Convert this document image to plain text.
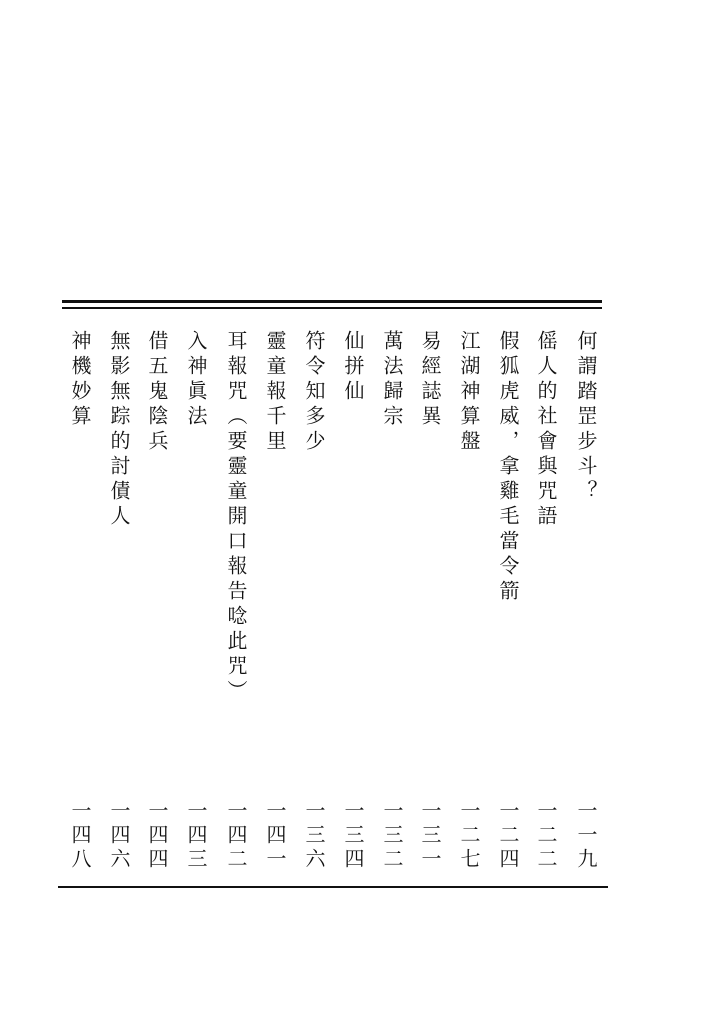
何謂踏罡步斗？
一一九
傜人的社會與咒語
一二二
假狐虎威，拿雞毛當令箭
一二四
江湖神算盤
一二七
易經誌異
一三一
萬法歸宗
一三二
仙拼仙
一三四
符令知多少
一三六
靈童報千里
一四一
耳報咒（要靈童開口報告唸此咒）
一四二
入神眞法
一四三
借五鬼陰兵
一四四
無影無踪的討債人
一四六
神機妙算
一四八
